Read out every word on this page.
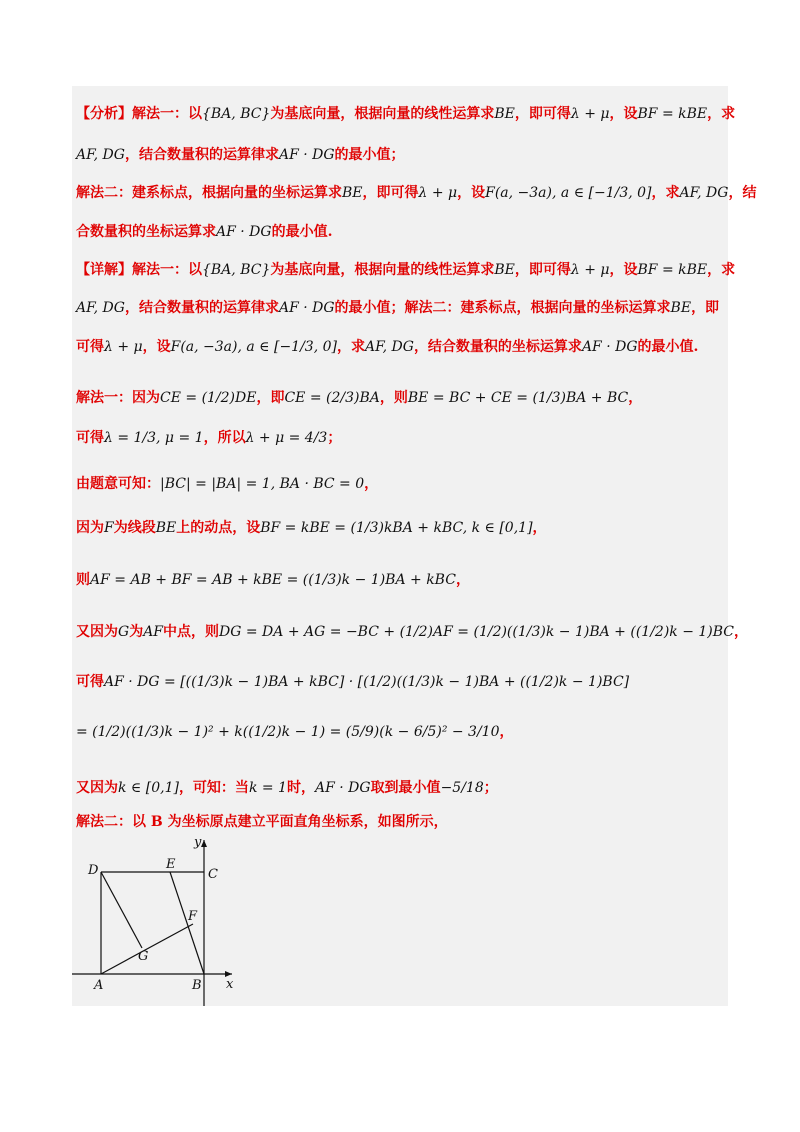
【分析】解法一：以{BA, BC}为基底向量，根据向量的线性运算求BE，即可得λ + μ，设BF = kBE，求
AF, DG，结合数量积的运算律求AF · DG的最小值；
解法二：建系标点，根据向量的坐标运算求BE，即可得λ + μ，设F(a, −3a), a ∈ [−1/3, 0]，求AF, DG，结
合数量积的坐标运算求AF · DG的最小值.
【详解】解法一：以{BA, BC}为基底向量，根据向量的线性运算求BE，即可得λ + μ，设BF = kBE，求
AF, DG，结合数量积的运算律求AF · DG的最小值；解法二：建系标点，根据向量的坐标运算求BE，即
可得λ + μ，设F(a, −3a), a ∈ [−1/3, 0]，求AF, DG，结合数量积的坐标运算求AF · DG的最小值.
解法一：因为CE = (1/2)DE，即CE = (2/3)BA，则BE = BC + CE = (1/3)BA + BC，
可得λ = 1/3, μ = 1，所以λ + μ = 4/3；
由题意可知：|BC| = |BA| = 1, BA · BC = 0，
因为F为线段BE上的动点，设BF = kBE = (1/3)kBA + kBC, k ∈ [0,1]，
则AF = AB + BF = AB + kBE = ((1/3)k − 1)BA + kBC，
又因为G为AF中点，则DG = DA + AG = −BC + (1/2)AF = (1/2)((1/3)k − 1)BA + ((1/2)k − 1)BC，
可得AF · DG = [((1/3)k − 1)BA + kBC] · [(1/2)((1/3)k − 1)BA + ((1/2)k − 1)BC]
= (1/2)((1/3)k − 1)² + k((1/2)k − 1) = (5/9)(k − 6/5)² − 3/10，
又因为k ∈ [0,1]，可知：当k = 1时，AF · DG取到最小值−5/18；
解法二：以 B 为坐标原点建立平面直角坐标系，如图所示，
D	E
C
F
G
A	B x
y
